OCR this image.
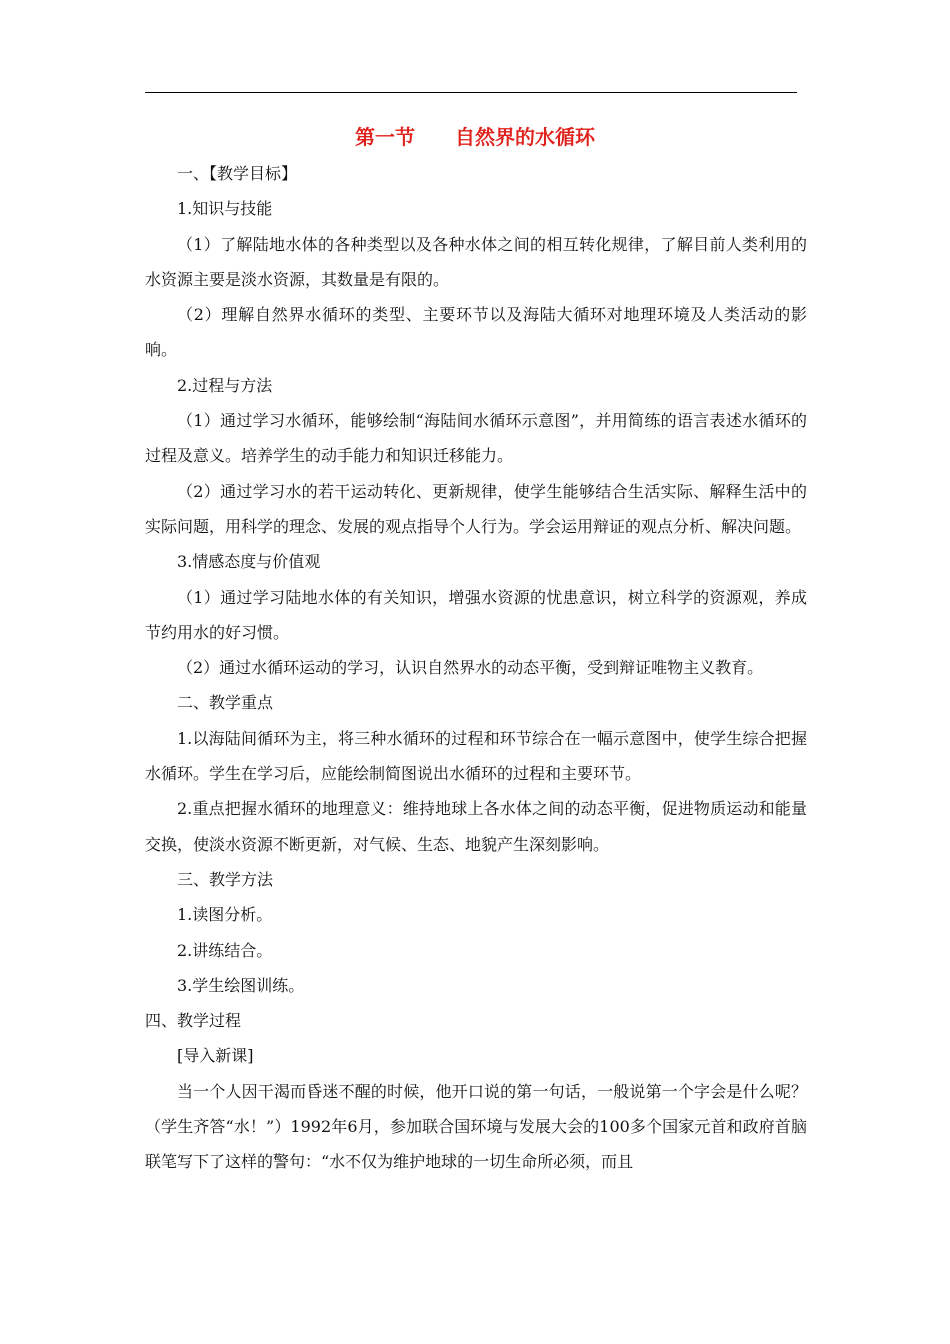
第一节　　自然界的水循环

一、【教学目标】

1.知识与技能

（1）了解陆地水体的各种类型以及各种水体之间的相互转化规律，了解目前人类利用的水资源主要是淡水资源，其数量是有限的。

（2）理解自然界水循环的类型、主要环节以及海陆大循环对地理环境及人类活动的影响。

2.过程与方法

（1）通过学习水循环，能够绘制“海陆间水循环示意图”，并用简练的语言表述水循环的过程及意义。培养学生的动手能力和知识迁移能力。

（2）通过学习水的若干运动转化、更新规律，使学生能够结合生活实际、解释生活中的实际问题，用科学的理念、发展的观点指导个人行为。学会运用辩证的观点分析、解决问题。

3.情感态度与价值观

（1）通过学习陆地水体的有关知识，增强水资源的忧患意识，树立科学的资源观，养成节约用水的好习惯。

（2）通过水循环运动的学习，认识自然界水的动态平衡，受到辩证唯物主义教育。

二、教学重点

1.以海陆间循环为主，将三种水循环的过程和环节综合在一幅示意图中，使学生综合把握水循环。学生在学习后，应能绘制简图说出水循环的过程和主要环节。

2.重点把握水循环的地理意义：维持地球上各水体之间的动态平衡，促进物质运动和能量交换，使淡水资源不断更新，对气候、生态、地貌产生深刻影响。

三、教学方法

1.读图分析。

2.讲练结合。

3.学生绘图训练。

四、教学过程

[导入新课]

当一个人因干渴而昏迷不醒的时候，他开口说的第一句话，一般说第一个字会是什么呢？（学生齐答“水！”）1992年6月，参加联合国环境与发展大会的100多个国家元首和政府首脑联笔写下了这样的警句：“水不仅为维护地球的一切生命所必须，而且
